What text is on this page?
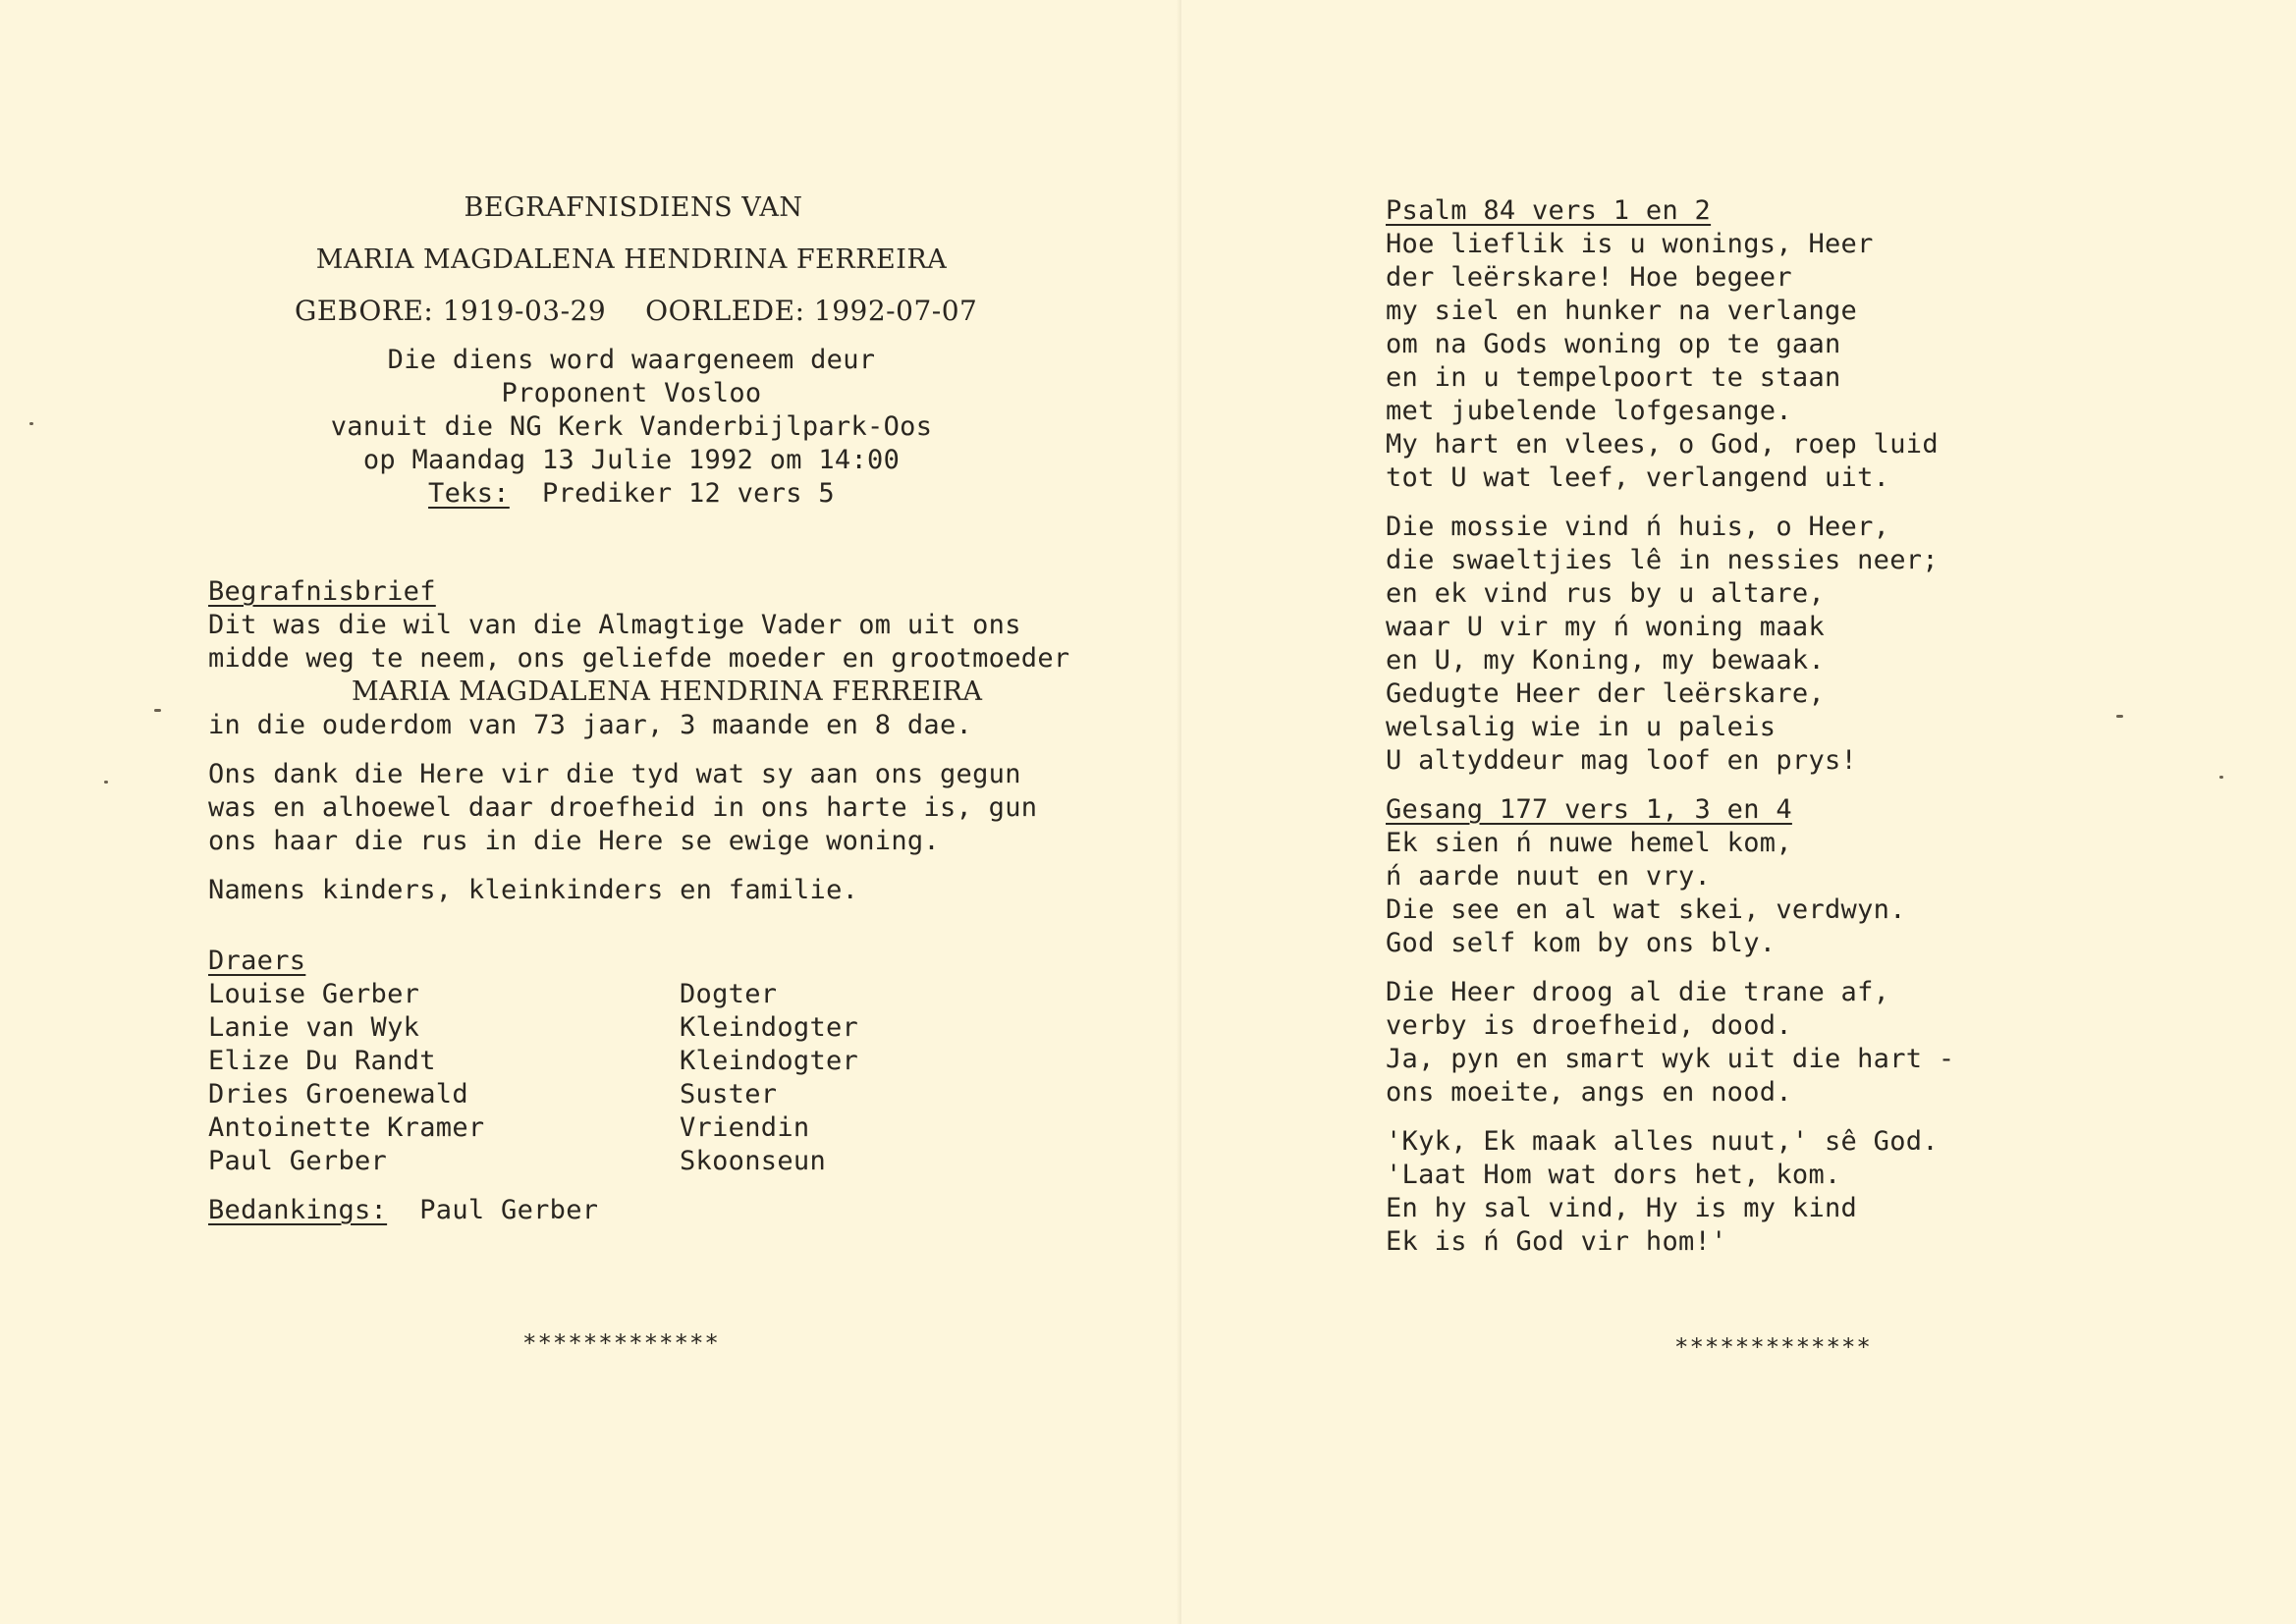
BEGRAFNISDIENS VAN
MARIA MAGDALENA HENDRINA FERREIRA
GEBORE: 1919-03-29 OORLEDE: 1992-07-07

Die diens word waargeneem deur

Proponent Vosloo

vanuit die NG Kerk Vanderbijlpark-Oos

op Maandag 13 Julie 1992 om 14:00

Teks: Prediker 12 vers 5

Begrafnisbrief

Dit was die wil van die Almagtige Vader om uit ons

midde weg te neem, ons geliefde moeder en grootmoeder

MARIA MAGDALENA HENDRINA FERREIRA

in die ouderdom van 73 jaar, 3 maande en 8 dae.

Ons dank die Here vir die tyd wat sy aan ons gegun

was en alhoewel daar droefheid in ons harte is, gun

ons haar die rus in die Here se ewige woning.

Namens kinders, kleinkinders en familie.

Draers

Louise Gerber	Dogter

Lanie van Wyk	Kleindogter

Elize Du Randt	Kleindogter

Dries Groenewald	Suster

Antoinette Kramer	Vriendin

Paul Gerber	Skoonseun

Bedankings: Paul Gerber

*************

Psalm 84 vers 1 en 2

Hoe lieflik is u wonings, Heer

der leërskare! Hoe begeer

my siel en hunker na verlange

om na Gods woning op te gaan

en in u tempelpoort te staan

met jubelende lofgesange.

My hart en vlees, o God, roep luid

tot U wat leef, verlangend uit.

Die mossie vind ń huis, o Heer,

die swaeltjies lê in nessies neer;

en ek vind rus by u altare,

waar U vir my ń woning maak

en U, my Koning, my bewaak.

Gedugte Heer der leërskare,

welsalig wie in u paleis

U altyddeur mag loof en prys!

Gesang 177 vers 1, 3 en 4

Ek sien ń nuwe hemel kom,

ń aarde nuut en vry.

Die see en al wat skei, verdwyn.

God self kom by ons bly.

Die Heer droog al die trane af,

verby is droefheid, dood.

Ja, pyn en smart wyk uit die hart -

ons moeite, angs en nood.

'Kyk, Ek maak alles nuut,' sê God.

'Laat Hom wat dors het, kom.

En hy sal vind, Hy is my kind

Ek is ń God vir hom!'

*************
